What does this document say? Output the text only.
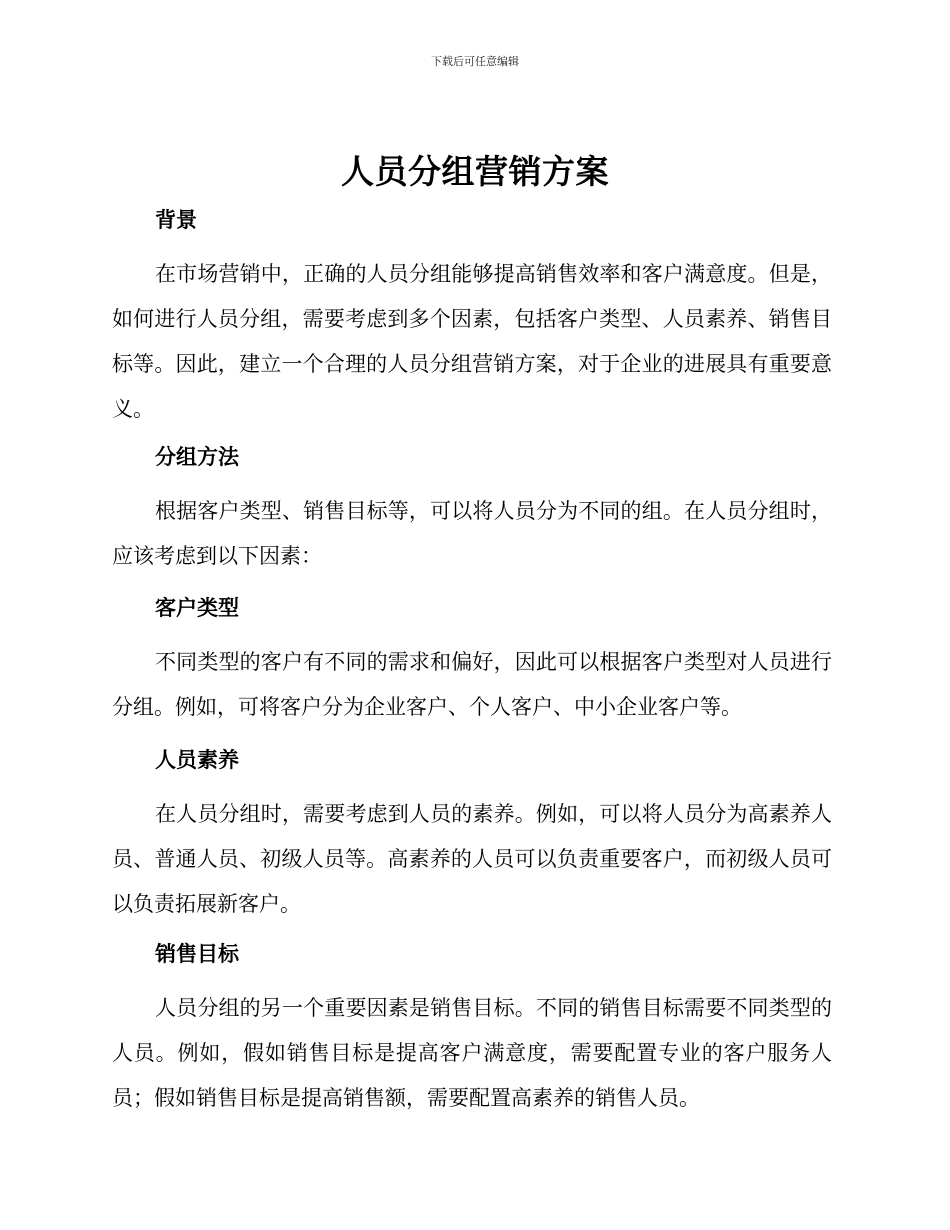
下载后可任意编辑
人员分组营销方案
背景

在市场营销中，正确的人员分组能够提高销售效率和客户满意度。但是，如何进行人员分组，需要考虑到多个因素，包括客户类型、人员素养、销售目标等。因此，建立一个合理的人员分组营销方案，对于企业的进展具有重要意义。

分组方法

根据客户类型、销售目标等，可以将人员分为不同的组。在人员分组时，应该考虑到以下因素：

客户类型

不同类型的客户有不同的需求和偏好，因此可以根据客户类型对人员进行分组。例如，可将客户分为企业客户、个人客户、中小企业客户等。

人员素养

在人员分组时，需要考虑到人员的素养。例如，可以将人员分为高素养人员、普通人员、初级人员等。高素养的人员可以负责重要客户，而初级人员可以负责拓展新客户。

销售目标

人员分组的另一个重要因素是销售目标。不同的销售目标需要不同类型的人员。例如，假如销售目标是提高客户满意度，需要配置专业的客户服务人员；假如销售目标是提高销售额，需要配置高素养的销售人员。
